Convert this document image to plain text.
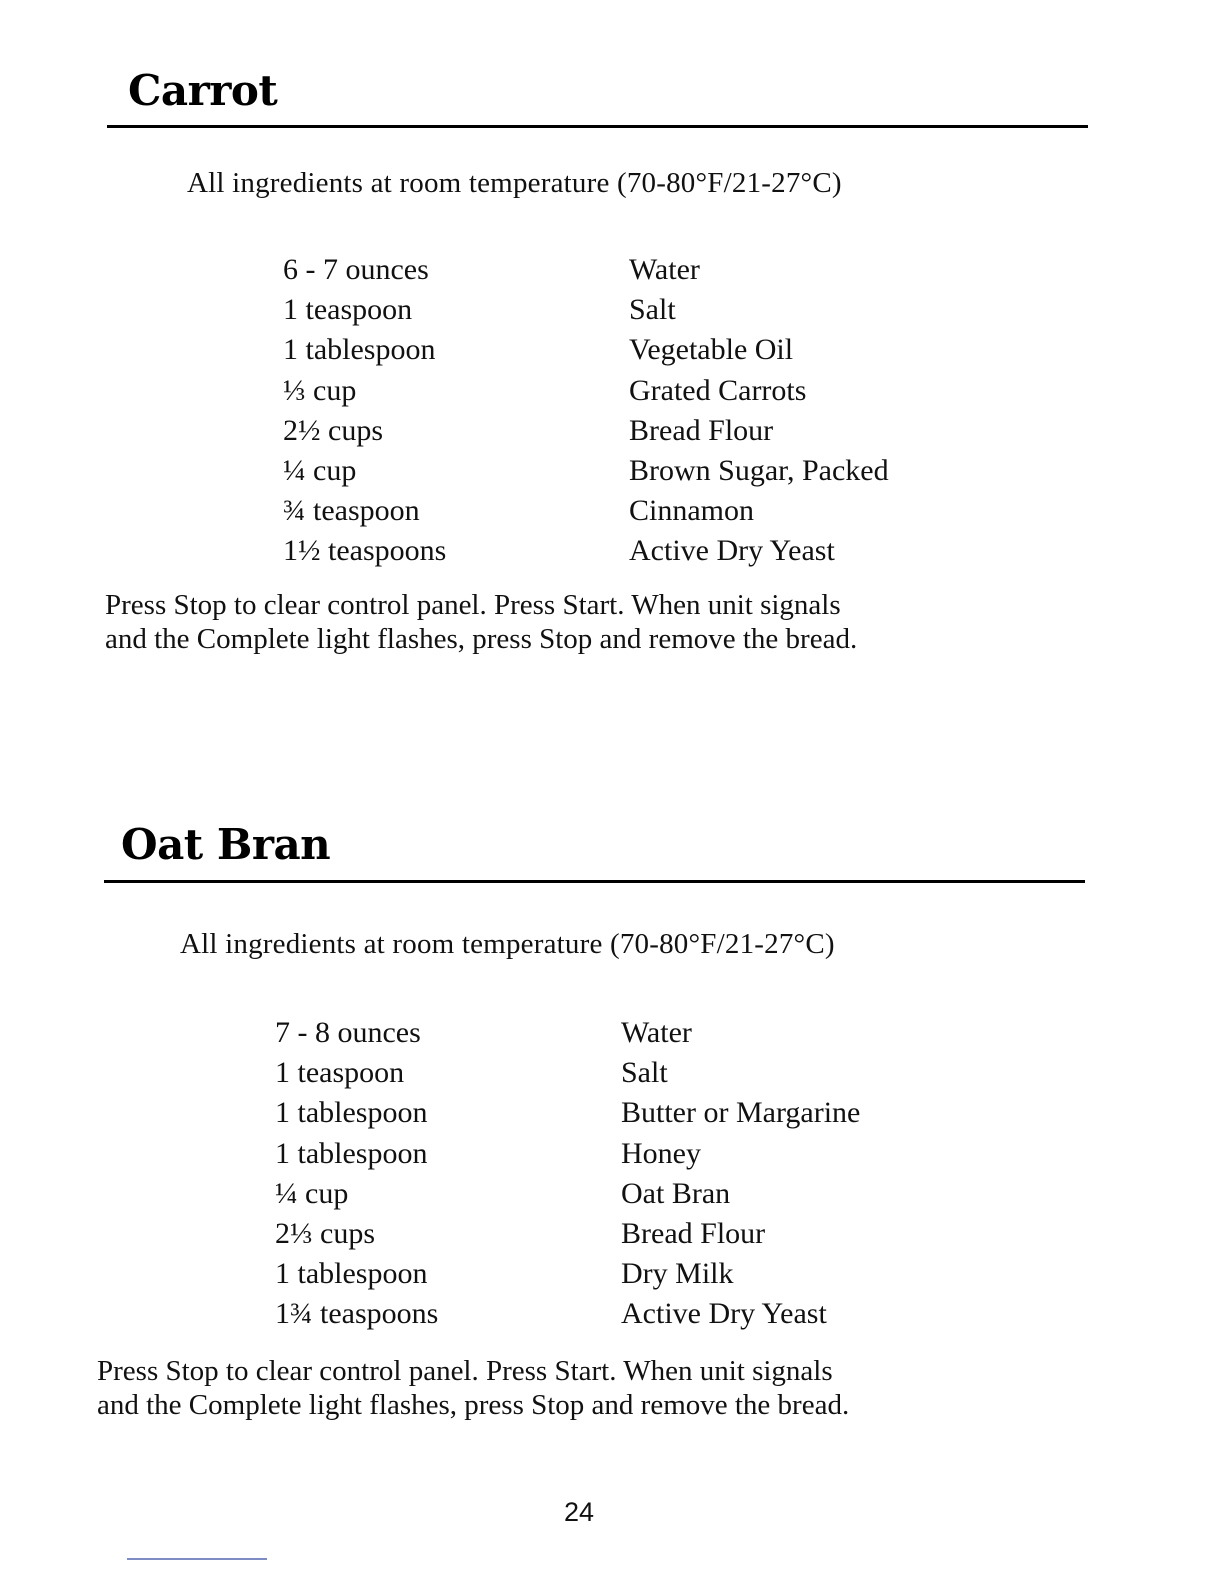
Carrot

All ingredients at room temperature (70-80°F/21-27°C)

6 - 7 ounces	Water
1 teaspoon	Salt
1 tablespoon	Vegetable Oil
⅓ cup	Grated Carrots
2½ cups	Bread Flour
¼ cup	Brown Sugar, Packed
¾ teaspoon	Cinnamon
1½ teaspoons	Active Dry Yeast
Press Stop to clear control panel. Press Start. When unit signals
and the Complete light flashes, press Stop and remove the bread.
Oat Bran

All ingredients at room temperature (70-80°F/21-27°C)

7 - 8 ounces	Water
1 teaspoon	Salt
1 tablespoon	Butter or Margarine
1 tablespoon	Honey
¼ cup	Oat Bran
2⅓ cups	Bread Flour
1 tablespoon	Dry Milk
1¾ teaspoons	Active Dry Yeast
Press Stop to clear control panel. Press Start. When unit signals
and the Complete light flashes, press Stop and remove the bread.
24
